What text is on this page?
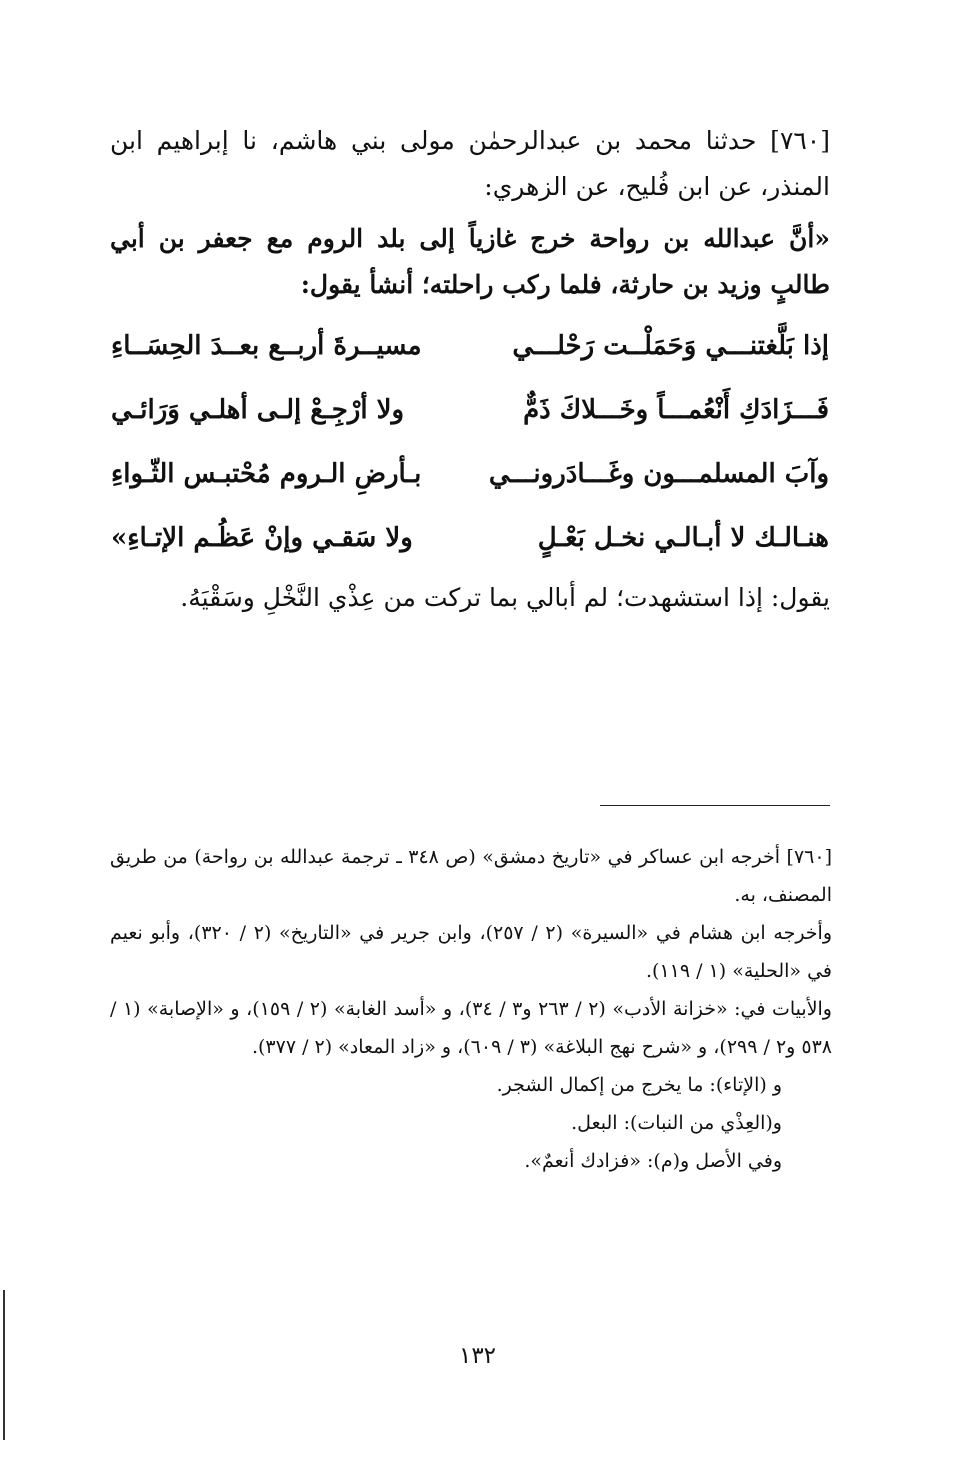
[٧٦٠] حدثنا محمد بن عبدالرحمٰن مولى بني هاشم، نا إبراهيم ابن المنذر، عن ابن فُليح، عن الزهري:

«أنَّ عبدالله بن رواحة خرج غازياً إلى بلد الروم مع جعفر بن أبي طالبٍ وزيد بن حارثة، فلما ركب راحلته؛ أنشأ يقول:

إذا بَلَّغتنـــي وَحَمَلْــت رَحْلـــي	مسيــرةَ أربــع بعــدَ الحِسَــاءِ
فَـــزَادَكِ أَنْعُمـــاً وخَـــلاكَ ذَمٌّ	ولا أرْجِـعْ إلـى أهلـي وَرَائـي
وآبَ المسلمـــون وغَـــادَرونـــي	بـأرضِ الـروم مُحْتبـس الثّـواءِ
هنـالـك لا أبـالـي نخـل بَعْـلٍ	ولا سَقـي وإنْ عَظُـم الإتـاءِ»

يقول: إذا استشهدت؛ لم أبالي بما تركت من عِذْي النَّخْلِ وسَقْيَهُ.

[٧٦٠] أخرجه ابن عساكر في «تاريخ دمشق» (ص ٣٤٨ ـ ترجمة عبدالله بن رواحة) من طريق المصنف، به.

وأخرجه ابن هشام في «السيرة» (٢ / ٢٥٧)، وابن جرير في «التاريخ» (٢ / ٣٢٠)، وأبو نعيم في «الحلية» (١ / ١١٩).

والأبيات في: «خزانة الأدب» (٢ / ٢٦٣ و٣ / ٣٤)، و «أسد الغابة» (٢ / ١٥٩)، و «الإصابة» (١ / ٥٣٨ و٢ / ٢٩٩)، و «شرح نهج البلاغة» (٣ / ٦٠٩)، و «زاد المعاد» (٢ / ٣٧٧).

و (الإتاء): ما يخرج من إكمال الشجر.

و(العِذْي من النبات): البعل.

وفي الأصل و(م): «فزادك أنعمٌ».

١٣٢
